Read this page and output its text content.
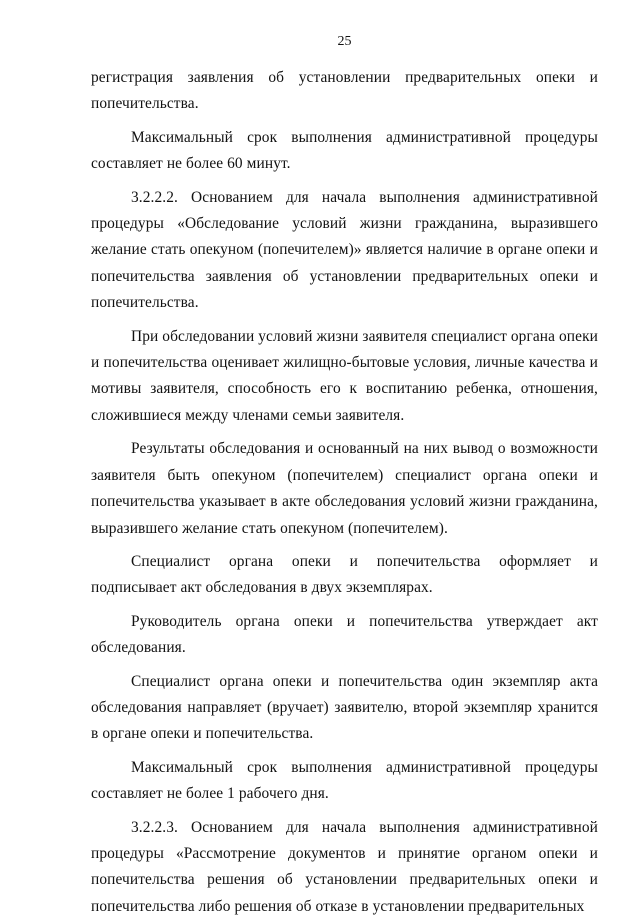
25

регистрация заявления об установлении предварительных опеки и попечительства.

Максимальный срок выполнения административной процедуры составляет не более 60 минут.

3.2.2.2. Основанием для начала выполнения административной процедуры «Обследование условий жизни гражданина, выразившего желание стать опекуном (попечителем)» является наличие в органе опеки и попечительства заявления об установлении предварительных опеки и попечительства.

При обследовании условий жизни заявителя специалист органа опеки и попечительства оценивает жилищно-бытовые условия, личные качества и мотивы заявителя, способность его к воспитанию ребенка, отношения, сложившиеся между членами семьи заявителя.

Результаты обследования и основанный на них вывод о возможности заявителя быть опекуном (попечителем) специалист органа опеки и попечительства указывает в акте обследования условий жизни гражданина, выразившего желание стать опекуном (попечителем).

Специалист органа опеки и попечительства оформляет и подписывает акт обследования в двух экземплярах.

Руководитель органа опеки и попечительства утверждает акт обследования.

Специалист органа опеки и попечительства один экземпляр акта обследования направляет (вручает) заявителю, второй экземпляр хранится в органе опеки и попечительства.

Максимальный срок выполнения административной процедуры составляет не более 1 рабочего дня.

3.2.2.3. Основанием для начала выполнения административной процедуры «Рассмотрение документов и принятие органом опеки и попечительства решения об установлении предварительных опеки и попечительства либо решения об отказе в установлении предварительных
